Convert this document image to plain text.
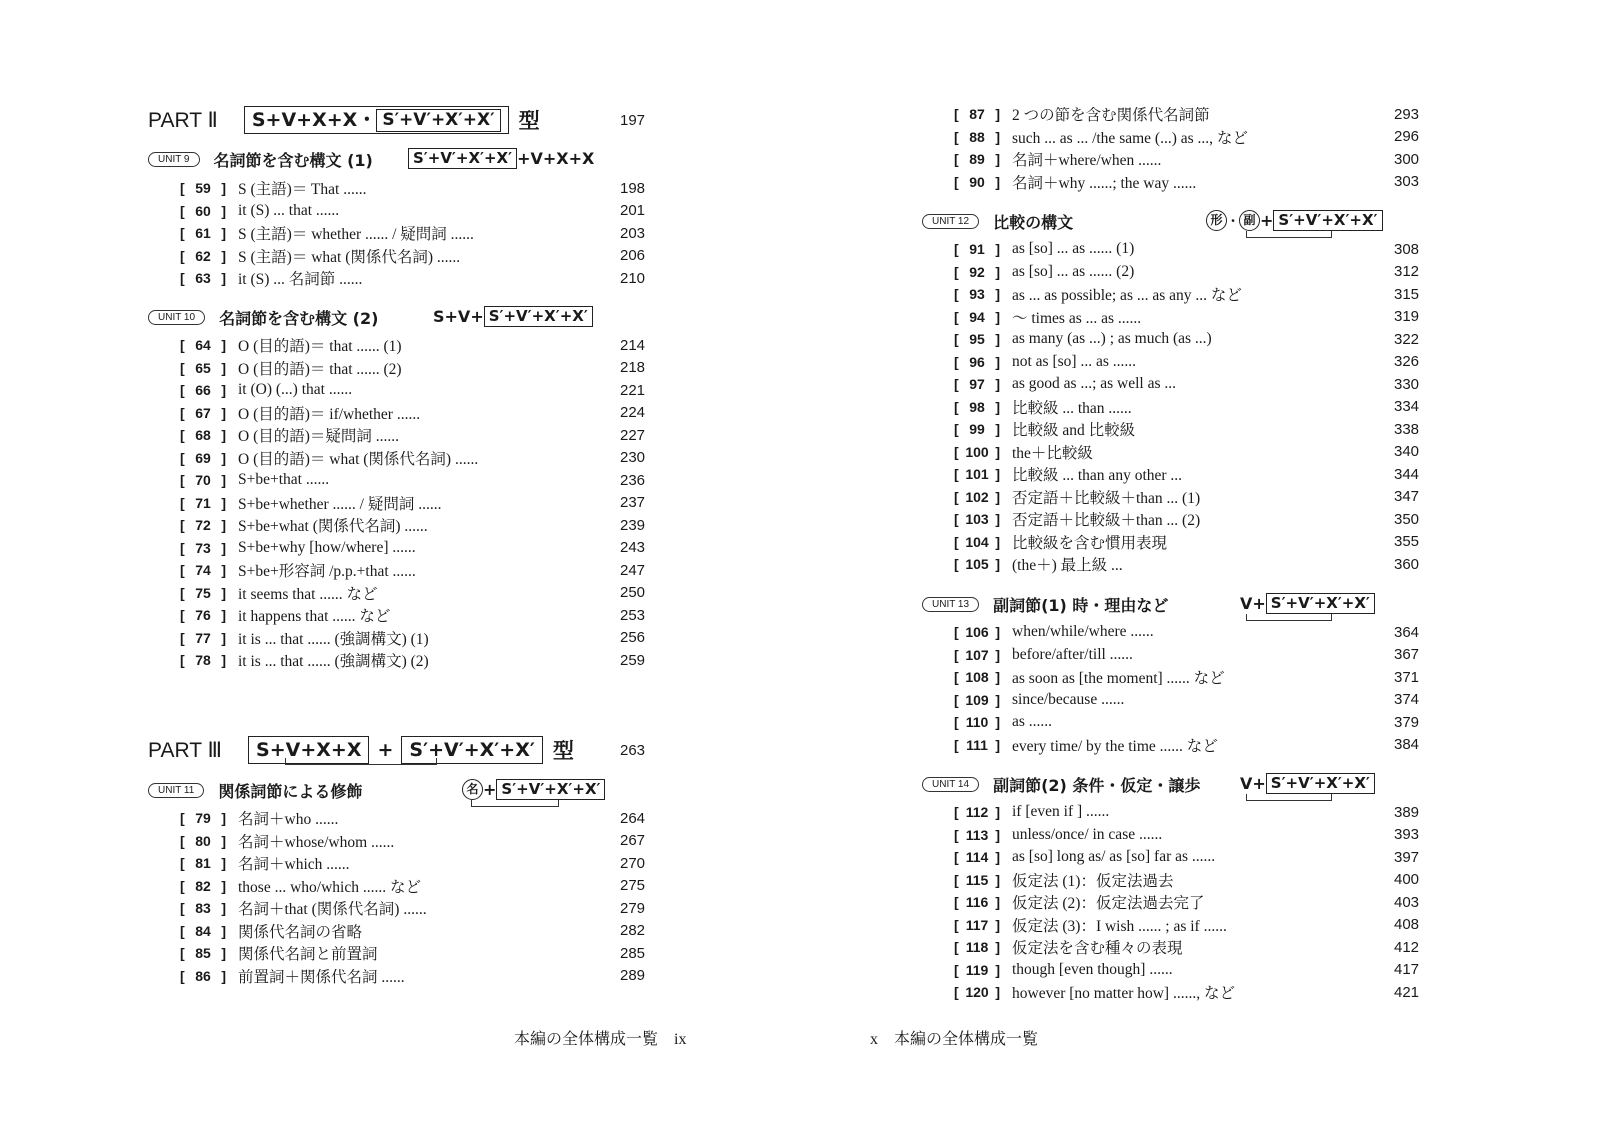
PART Ⅱ S+V+X+X・ S′+V′+X′+X′ 型	197
UNIT 9	名詞節を含む構文 (1)	S′+V′+X′+X′ +V+X+X
[ 59 ] S (主語)＝ That ......	198
[ 60 ] it (S) ... that ......	201
[ 61 ] S (主語)＝ whether ...... / 疑問詞 ......	203
[ 62 ] S (主語)＝ what (関係代名詞) ......	206
[ 63 ] it (S) ... 名詞節 ......	210
UNIT 10	名詞節を含む構文 (2)	S+V+ S′+V′+X′+X′
[ 64 ] O (目的語)＝ that ...... (1)	214
[ 65 ] O (目的語)＝ that ...... (2)	218
[ 66 ] it (O) (...) that ......	221
[ 67 ] O (目的語)＝ if/whether ......	224
[ 68 ] O (目的語)＝疑問詞 ......	227
[ 69 ] O (目的語)＝ what (関係代名詞) ......	230
[ 70 ] S+be+that ......	236
[ 71 ] S+be+whether ...... / 疑問詞 ......	237
[ 72 ] S+be+what (関係代名詞) ......	239
[ 73 ] S+be+why [how/where] ......	243
[ 74 ] S+be+形容詞 /p.p.+that ......	247
[ 75 ] it seems that ...... など	250
[ 76 ] it happens that ...... など	253
[ 77 ] it is ... that ...... (強調構文) (1)	256
[ 78 ] it is ... that ...... (強調構文) (2)	259
PART Ⅲ	S+V+X+X + S′+V′+X′+X′ 型	263
UNIT 11	関係詞節による修飾	名 + S′+V′+X′+X′
[ 79 ] 名詞＋who ......	264
[ 80 ] 名詞＋whose/whom ......	267
[ 81 ] 名詞＋which ......	270
[ 82 ] those ... who/which ...... など	275
[ 83 ] 名詞＋that (関係代名詞) ......	279
[ 84 ] 関係代名詞の省略	282
[ 85 ] 関係代名詞と前置詞	285
[ 86 ] 前置詞＋関係代名詞 ......	289
本編の全体構成一覧　ix
[ 87 ] 2 つの節を含む関係代名詞節	293
[ 88 ] such ... as ... /the same (...) as ..., など	296
[ 89 ] 名詞＋where/when ......	300
[ 90 ] 名詞＋why ......; the way ......	303
UNIT 12	比較の構文	形 ・ 副 + S′+V′+X′+X′
[ 91 ] as [so] ... as ...... (1)	308
[ 92 ] as [so] ... as ...... (2)	312
[ 93 ] as ... as possible; as ... as any ... など	315
[ 94 ] 〜 times as ... as ......	319
[ 95 ] as many (as ...) ; as much (as ...)	322
[ 96 ] not as [so] ... as ......	326
[ 97 ] as good as ...; as well as ...	330
[ 98 ] 比較級 ... than ......	334
[ 99 ] 比較級 and 比較級	338
[ 100 ] the＋比較級	340
[ 101 ] 比較級 ... than any other ...	344
[ 102 ] 否定語＋比較級＋than ... (1)	347
[ 103 ] 否定語＋比較級＋than ... (2)	350
[ 104 ] 比較級を含む慣用表現	355
[ 105 ] (the＋) 最上級 ...	360
UNIT 13	副詞節(1) 時・理由など	V + S′+V′+X′+X′
[ 106 ] when/while/where ......	364
[ 107 ] before/after/till ......	367
[ 108 ] as soon as [the moment] ...... など	371
[ 109 ] since/because ......	374
[ 110 ] as ......	379
[ 111 ] every time/ by the time ...... など	384
UNIT 14	副詞節(2) 条件・仮定・譲歩 V + S′+V′+X′+X′
[ 112 ] if [even if ] ......	389
[ 113 ] unless/once/ in case ......	393
[ 114 ] as [so] long as/ as [so] far as ......	397
[ 115 ] 仮定法 (1)：仮定法過去	400
[ 116 ] 仮定法 (2)：仮定法過去完了	403
[ 117 ] 仮定法 (3)：I wish ...... ; as if ......	408
[ 118 ] 仮定法を含む種々の表現	412
[ 119 ] though [even though] ......	417
[ 120 ] however [no matter how] ......, など	421
x　本編の全体構成一覧
